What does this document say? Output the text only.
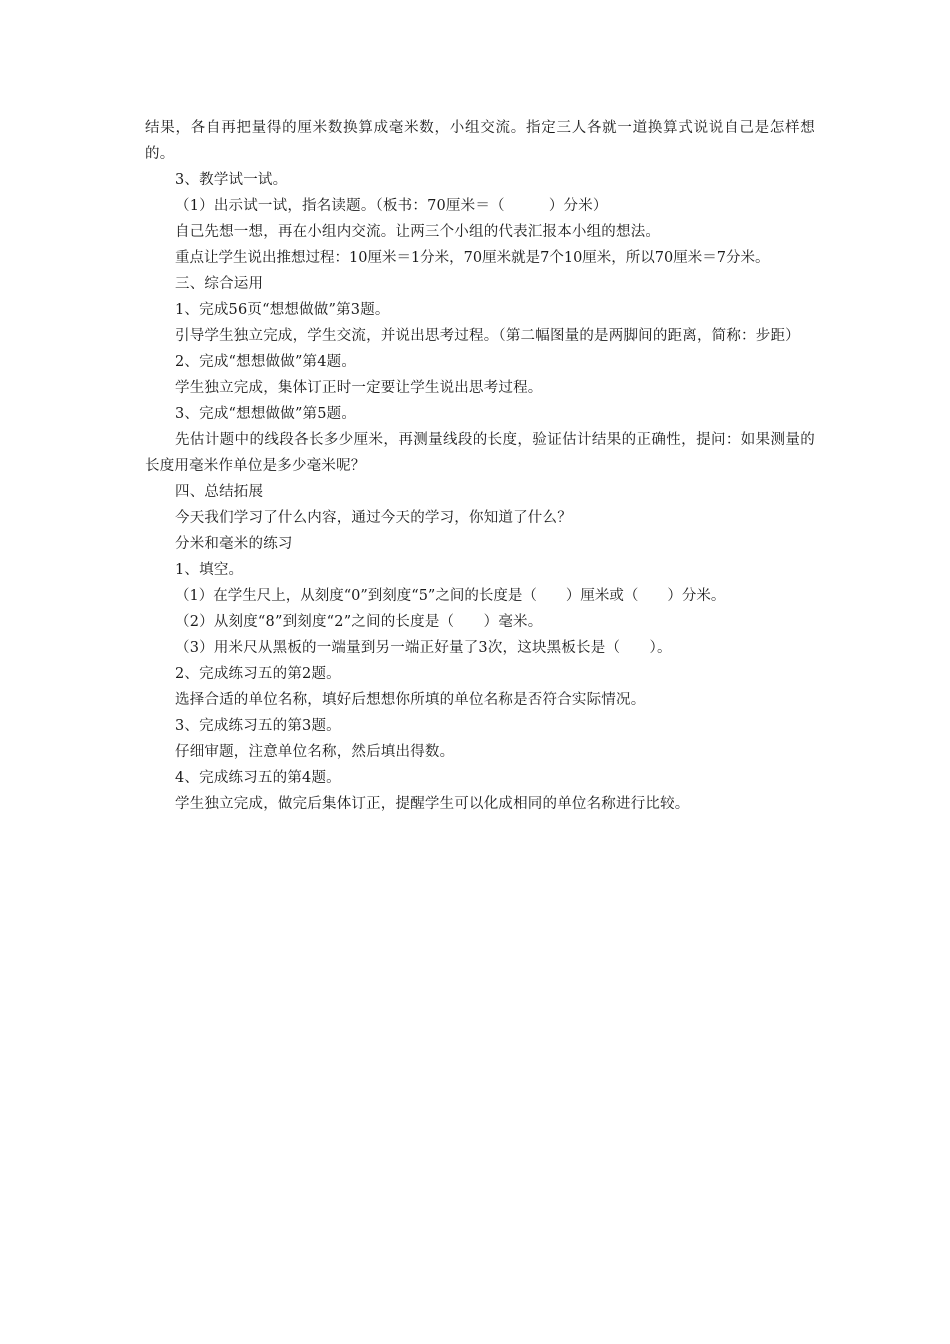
结果，各自再把量得的厘米数换算成毫米数，小组交流。指定三人各就一道换算式说说自己是怎样想的。

3、教学试一试。

（1）出示试一试，指名读题。（板书：70厘米＝（　　　）分米）

自己先想一想，再在小组内交流。让两三个小组的代表汇报本小组的想法。

重点让学生说出推想过程：10厘米＝1分米，70厘米就是7个10厘米，所以70厘米＝7分米。

三、综合运用

1、完成56页“想想做做”第3题。

引导学生独立完成，学生交流，并说出思考过程。（第二幅图量的是两脚间的距离，简称：步距）

2、完成“想想做做”第4题。

学生独立完成，集体订正时一定要让学生说出思考过程。

3、完成“想想做做”第5题。

先估计题中的线段各长多少厘米，再测量线段的长度，验证估计结果的正确性，提问：如果测量的长度用毫米作单位是多少毫米呢？

四、总结拓展

今天我们学习了什么内容，通过今天的学习，你知道了什么？

分米和毫米的练习

1、填空。

（1）在学生尺上，从刻度“0”到刻度“5”之间的长度是（　　）厘米或（　　）分米。

（2）从刻度“8”到刻度“2”之间的长度是（　　）毫米。

（3）用米尺从黑板的一端量到另一端正好量了3次，这块黑板长是（　　）。

2、完成练习五的第2题。

选择合适的单位名称，填好后想想你所填的单位名称是否符合实际情况。

3、完成练习五的第3题。

仔细审题，注意单位名称，然后填出得数。

4、完成练习五的第4题。

学生独立完成，做完后集体订正，提醒学生可以化成相同的单位名称进行比较。
